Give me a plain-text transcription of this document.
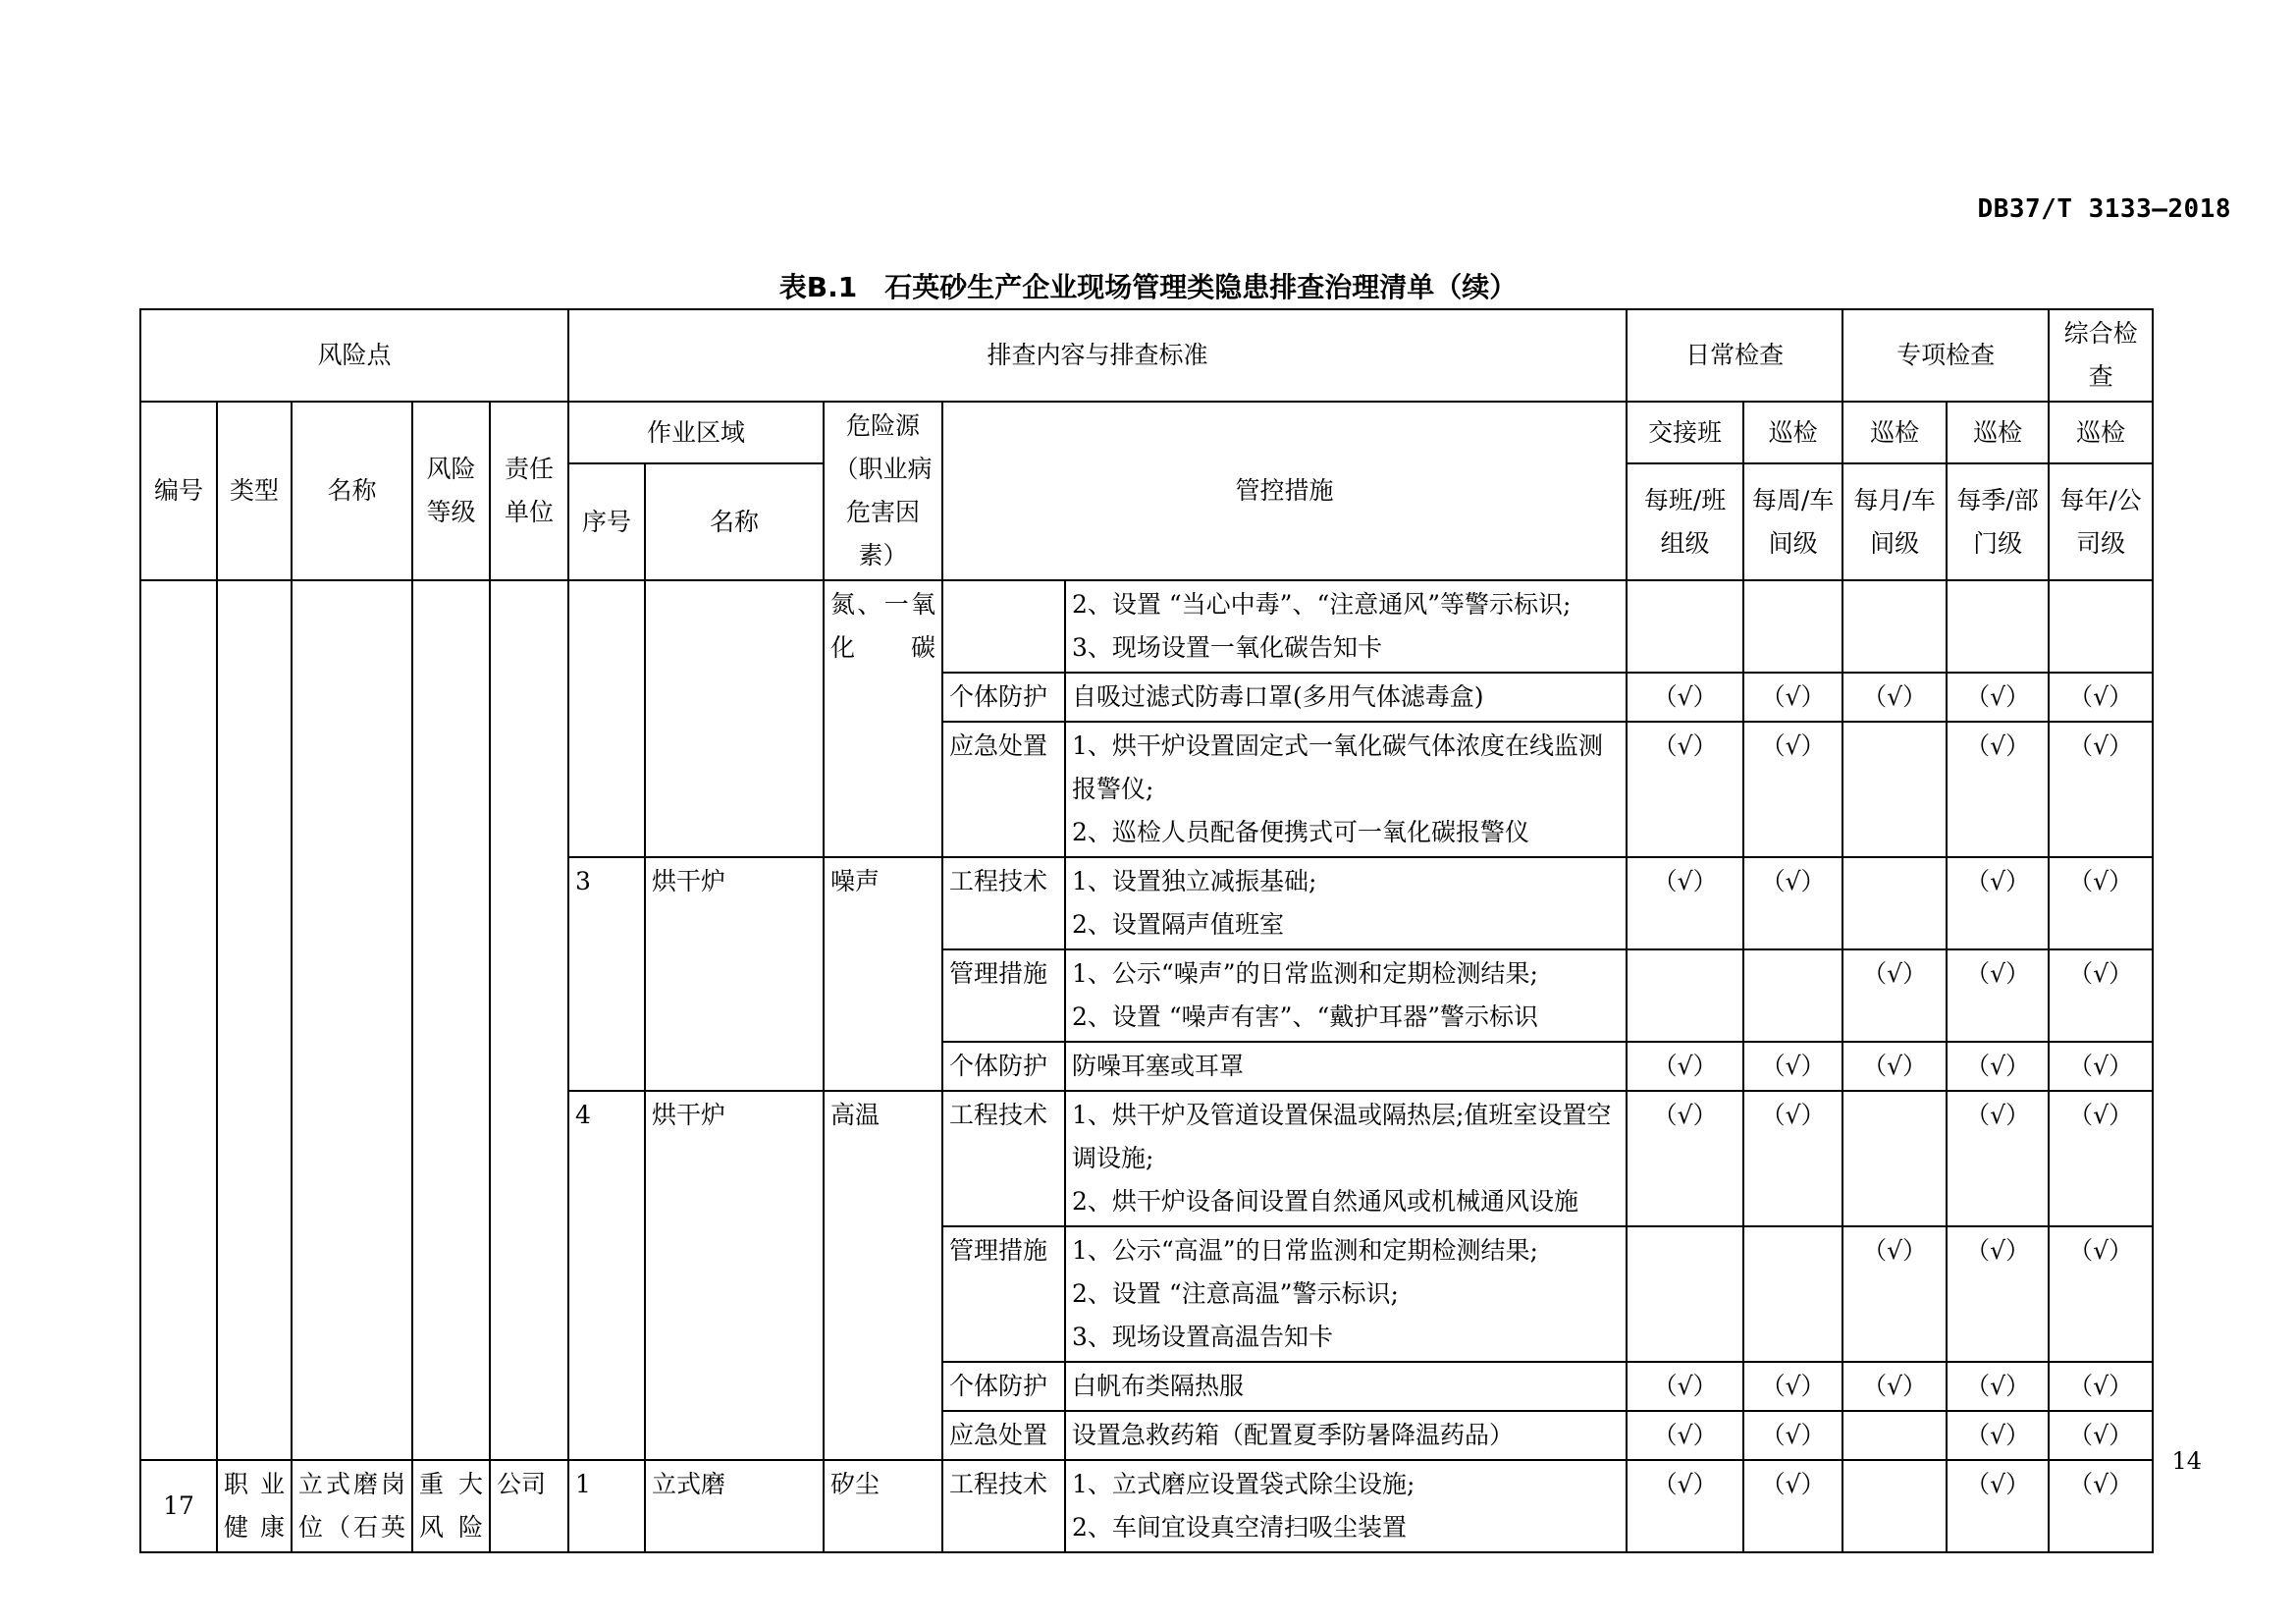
DB37/T 3133—2018
表B.1　石英砂生产企业现场管理类隐患排查治理清单（续）
风险点					排查内容与排查标准					日常检查		专项检查		综合检查
编号	类型	名称	风险等级	责任单位	作业区域		危险源（职业病危害因素）	管控措施		交接班	巡检	巡检	巡检	巡检
					序号	名称				每班/班组级	每周/车间级	每月/车间级	每季/部门级	每年/公司级
							氮、一氧化碳		2、设置 “当心中毒”、“注意通风”等警示标识;
3、现场设置一氧化碳告知卡					
								个体防护	自吸过滤式防毒口罩(多用气体滤毒盒)	（√）	（√）	（√）	（√）	（√）
								应急处置	1、烘干炉设置固定式一氧化碳气体浓度在线监测报警仪;
2、巡检人员配备便携式可一氧化碳报警仪	（√）	（√）		（√）	（√）
					3	烘干炉	噪声	工程技术	1、设置独立减振基础;
2、设置隔声值班室	（√）	（√）		（√）	（√）
								管理措施	1、公示“噪声”的日常监测和定期检测结果;
2、设置 “噪声有害”、“戴护耳器”警示标识			（√）	（√）	（√）
								个体防护	防噪耳塞或耳罩	（√）	（√）	（√）	（√）	（√）
					4	烘干炉	高温	工程技术	1、烘干炉及管道设置保温或隔热层;值班室设置空调设施;
2、烘干炉设备间设置自然通风或机械通风设施	（√）	（√）		（√）	（√）
								管理措施	1、公示“高温”的日常监测和定期检测结果;
2、设置 “注意高温”警示标识;
3、现场设置高温告知卡			（√）	（√）	（√）
								个体防护	白帆布类隔热服	（√）	（√）	（√）	（√）	（√）
								应急处置	设置急救药箱（配置夏季防暑降温药品）	（√）	（√）		（√）	（√）
17	职业健康	立式磨岗位（石英	重大风险	公司	1	立式磨	矽尘	工程技术	1、立式磨应设置袋式除尘设施;
2、车间宜设真空清扫吸尘装置	（√）	（√）		（√）	（√）
14
